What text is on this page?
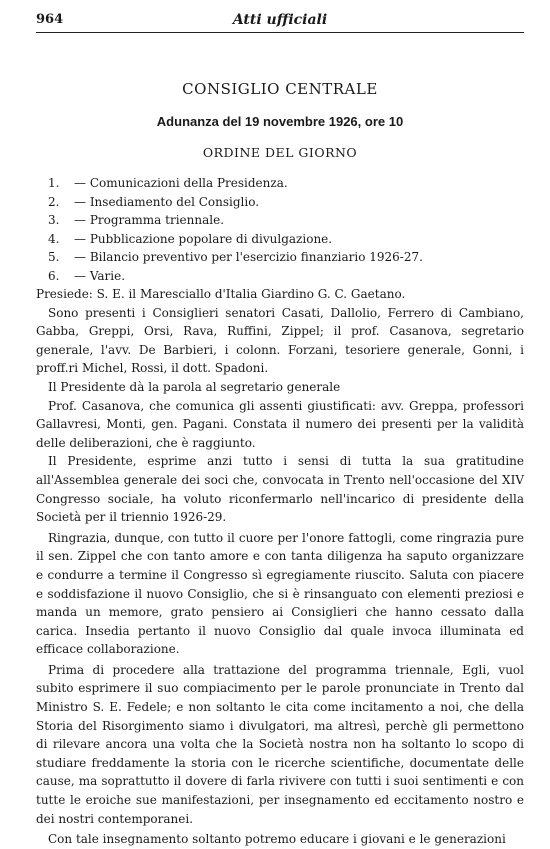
964	Atti ufficiali
CONSIGLIO CENTRALE
Adunanza del 19 novembre 1926, ore 10
ORDINE DEL GIORNO
1. — Comunicazioni della Presidenza.
2. — Insediamento del Consiglio.
3. — Programma triennale.
4. — Pubblicazione popolare di divulgazione.
5. — Bilancio preventivo per l'esercizio finanziario 1926-27.
6. — Varie.

Presiede: S. E. il Maresciallo d'Italia Giardino G. C. Gaetano.

Sono presenti i Consiglieri senatori Casati, Dallolio, Ferrero di Cambiano, Gabba, Greppi, Orsi, Rava, Ruffini, Zippel; il prof. Casanova, segretario generale, l'avv. De Barbieri, i colonn. Forzani, tesoriere generale, Gonni, i proff.ri Michel, Rossi, il dott. Spadoni.

Il Presidente dà la parola al segretario generale

Prof. Casanova, che comunica gli assenti giustificati: avv. Greppa, professori Gallavresi, Monti, gen. Pagani. Constata il numero dei presenti per la validità delle deliberazioni, che è raggiunto.

Il Presidente, esprime anzi tutto i sensi di tutta la sua gratitudine all'Assemblea generale dei soci che, convocata in Trento nell'occasione del XIV Congresso sociale, ha voluto riconfermarlo nell'incarico di presidente della Società per il triennio 1926-29.

Ringrazia, dunque, con tutto il cuore per l'onore fattogli, come ringrazia pure il sen. Zippel che con tanto amore e con tanta diligenza ha saputo organizzare e condurre a termine il Congresso sì egregiamente riuscito. Saluta con piacere e soddisfazione il nuovo Consiglio, che si è rinsanguato con elementi preziosi e manda un memore, grato pensiero ai Consiglieri che hanno cessato dalla carica. Insedia pertanto il nuovo Consiglio dal quale invoca illuminata ed efficace collaborazione.

Prima di procedere alla trattazione del programma triennale, Egli, vuol subito esprimere il suo compiacimento per le parole pronunciate in Trento dal Ministro S. E. Fedele; e non soltanto le cita come incitamento a noi, che della Storia del Risorgimento siamo i divulgatori, ma altresì, perchè gli permettono di rilevare ancora una volta che la Società nostra non ha soltanto lo scopo di studiare freddamente la storia con le ricerche scientifiche, documentate delle cause, ma soprattutto il dovere di farla rivivere con tutti i suoi sentimenti e con tutte le eroiche sue manifestazioni, per insegnamento ed eccitamento nostro e dei nostri contemporanei.

Con tale insegnamento soltanto potremo educare i giovani e le generazioni
